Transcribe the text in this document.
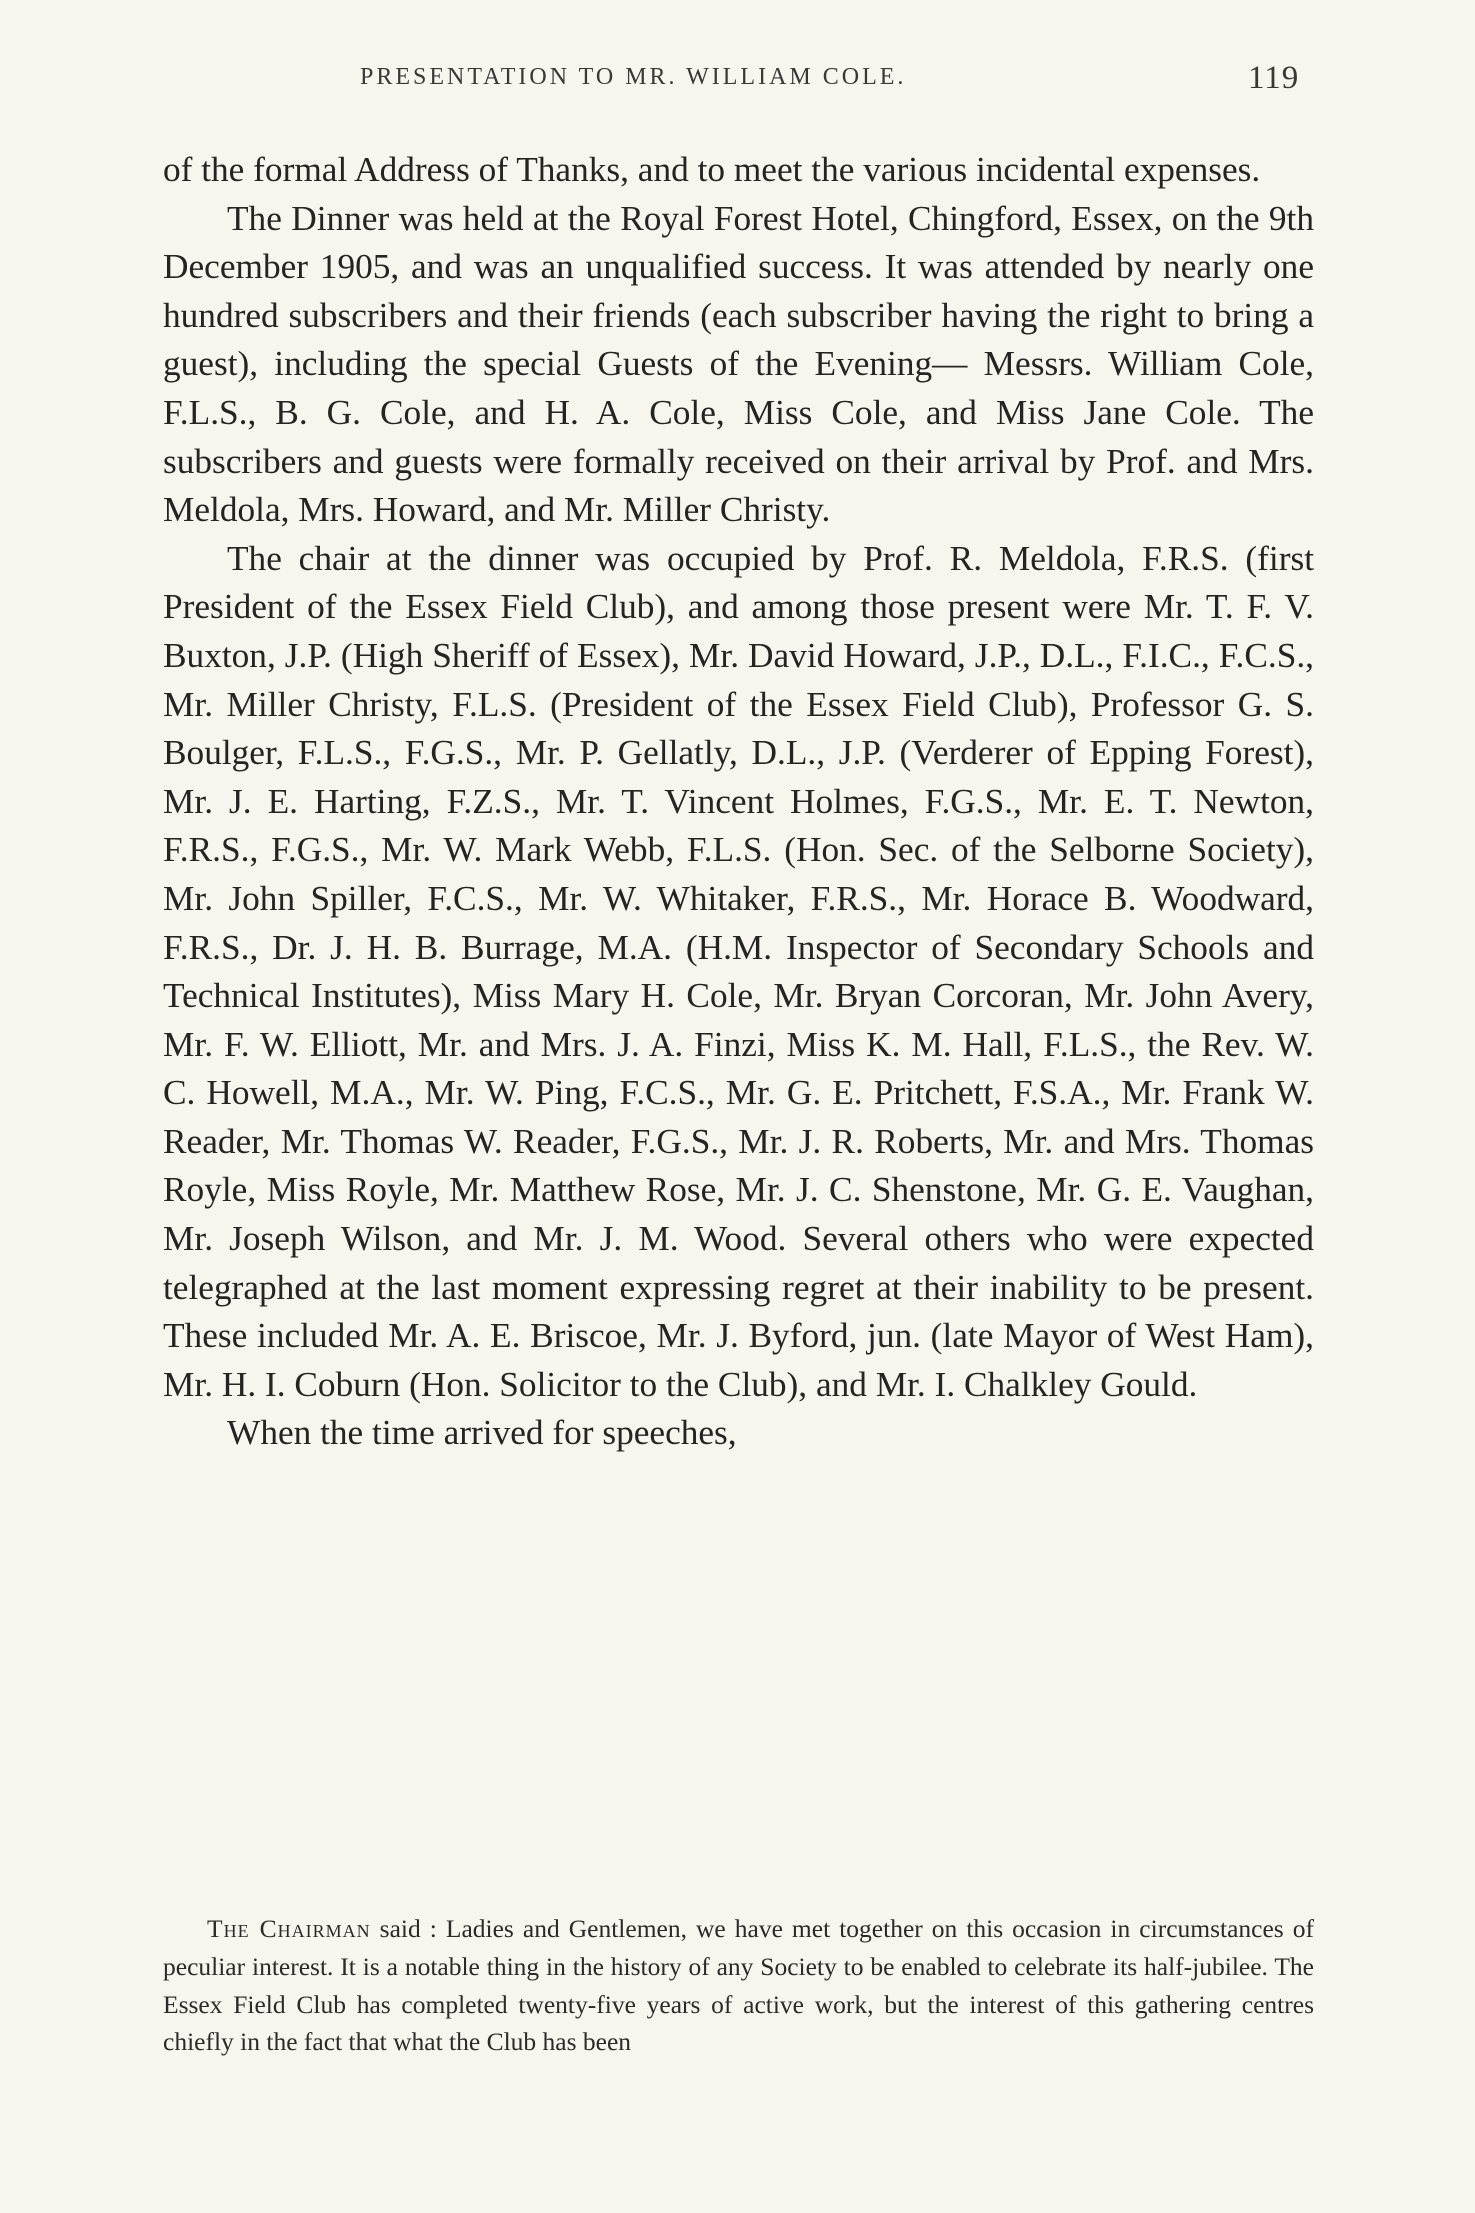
PRESENTATION TO MR. WILLIAM COLE.	119

of the formal Address of Thanks, and to meet the various incidental expenses.

The Dinner was held at the Royal Forest Hotel, Chingford, Essex, on the 9th December 1905, and was an unqualified success. It was attended by nearly one hundred subscribers and their friends (each subscriber having the right to bring a guest), including the special Guests of the Evening— Messrs. William Cole, F.L.S., B. G. Cole, and H. A. Cole, Miss Cole, and Miss Jane Cole. The subscribers and guests were formally received on their arrival by Prof. and Mrs. Meldola, Mrs. Howard, and Mr. Miller Christy.

The chair at the dinner was occupied by Prof. R. Meldola, F.R.S. (first President of the Essex Field Club), and among those present were Mr. T. F. V. Buxton, J.P. (High Sheriff of Essex), Mr. David Howard, J.P., D.L., F.I.C., F.C.S., Mr. Miller Christy, F.L.S. (President of the Essex Field Club), Professor G. S. Boulger, F.L.S., F.G.S., Mr. P. Gellatly, D.L., J.P. (Verderer of Epping Forest), Mr. J. E. Harting, F.Z.S., Mr. T. Vincent Holmes, F.G.S., Mr. E. T. Newton, F.R.S., F.G.S., Mr. W. Mark Webb, F.L.S. (Hon. Sec. of the Selborne Society), Mr. John Spiller, F.C.S., Mr. W. Whitaker, F.R.S., Mr. Horace B. Woodward, F.R.S., Dr. J. H. B. Burrage, M.A. (H.M. Inspector of Secondary Schools and Technical Institutes), Miss Mary H. Cole, Mr. Bryan Corcoran, Mr. John Avery, Mr. F. W. Elliott, Mr. and Mrs. J. A. Finzi, Miss K. M. Hall, F.L.S., the Rev. W. C. Howell, M.A., Mr. W. Ping, F.C.S., Mr. G. E. Pritchett, F.S.A., Mr. Frank W. Reader, Mr. Thomas W. Reader, F.G.S., Mr. J. R. Roberts, Mr. and Mrs. Thomas Royle, Miss Royle, Mr. Matthew Rose, Mr. J. C. Shenstone, Mr. G. E. Vaughan, Mr. Joseph Wilson, and Mr. J. M. Wood. Several others who were expected telegraphed at the last moment expressing regret at their inability to be present. These included Mr. A. E. Briscoe, Mr. J. Byford, jun. (late Mayor of West Ham), Mr. H. I. Coburn (Hon. Solicitor to the Club), and Mr. I. Chalkley Gould.

When the time arrived for speeches,

The Chairman said : Ladies and Gentlemen, we have met together on this occasion in circumstances of peculiar interest. It is a notable thing in the history of any Society to be enabled to celebrate its half-jubilee. The Essex Field Club has completed twenty-five years of active work, but the interest of this gathering centres chiefly in the fact that what the Club has been
